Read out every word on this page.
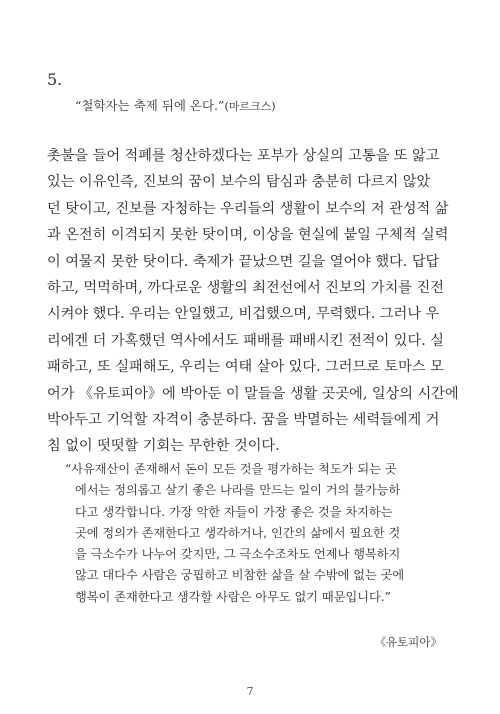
5.
“철학자는 축제 뒤에 온다.”(마르크스)
촛불을 들어 적폐를 청산하겠다는 포부가 상실의 고통을 또 앓고
있는 이유인즉, 진보의 꿈이 보수의 탐심과 충분히 다르지 않았
던 탓이고, 진보를 자청하는 우리들의 생활이 보수의 저 관성적 삶
과 온전히 이격되지 못한 탓이며, 이상을 현실에 붙일 구체적 실력
이 여물지 못한 탓이다. 축제가 끝났으면 길을 열어야 했다. 답답
하고, 먹먹하며, 까다로운 생활의 최전선에서 진보의 가치를 진전
시켜야 했다. 우리는 안일했고, 비겁했으며, 무력했다. 그러나 우
리에겐 더 가혹했던 역사에서도 패배를 패배시킨 전적이 있다. 실
패하고, 또 실패해도, 우리는 여태 살아 있다. 그러므로 토마스 모
어가 《유토피아》에 박아둔 이 말들을 생활 곳곳에, 일상의 시간에
박아두고 기억할 자격이 충분하다. 꿈을 박멸하는 세력들에게 거
침 없이 떳떳할 기회는 무한한 것이다.
“사유재산이 존재해서 돈이 모든 것을 평가하는 척도가 되는 곳
에서는 정의롭고 살기 좋은 나라를 만드는 일이 거의 불가능하
다고 생각합니다. 가장 악한 자들이 가장 좋은 것을 차지하는
곳에 정의가 존재한다고 생각하거나, 인간의 삶에서 필요한 것
을 극소수가 나누어 갖지만, 그 극소수조차도 언제나 행복하지
않고 대다수 사람은 궁핍하고 비참한 삶을 살 수밖에 없는 곳에
행복이 존재한다고 생각할 사람은 아무도 없기 때문입니다.”
《유토피아》
7
